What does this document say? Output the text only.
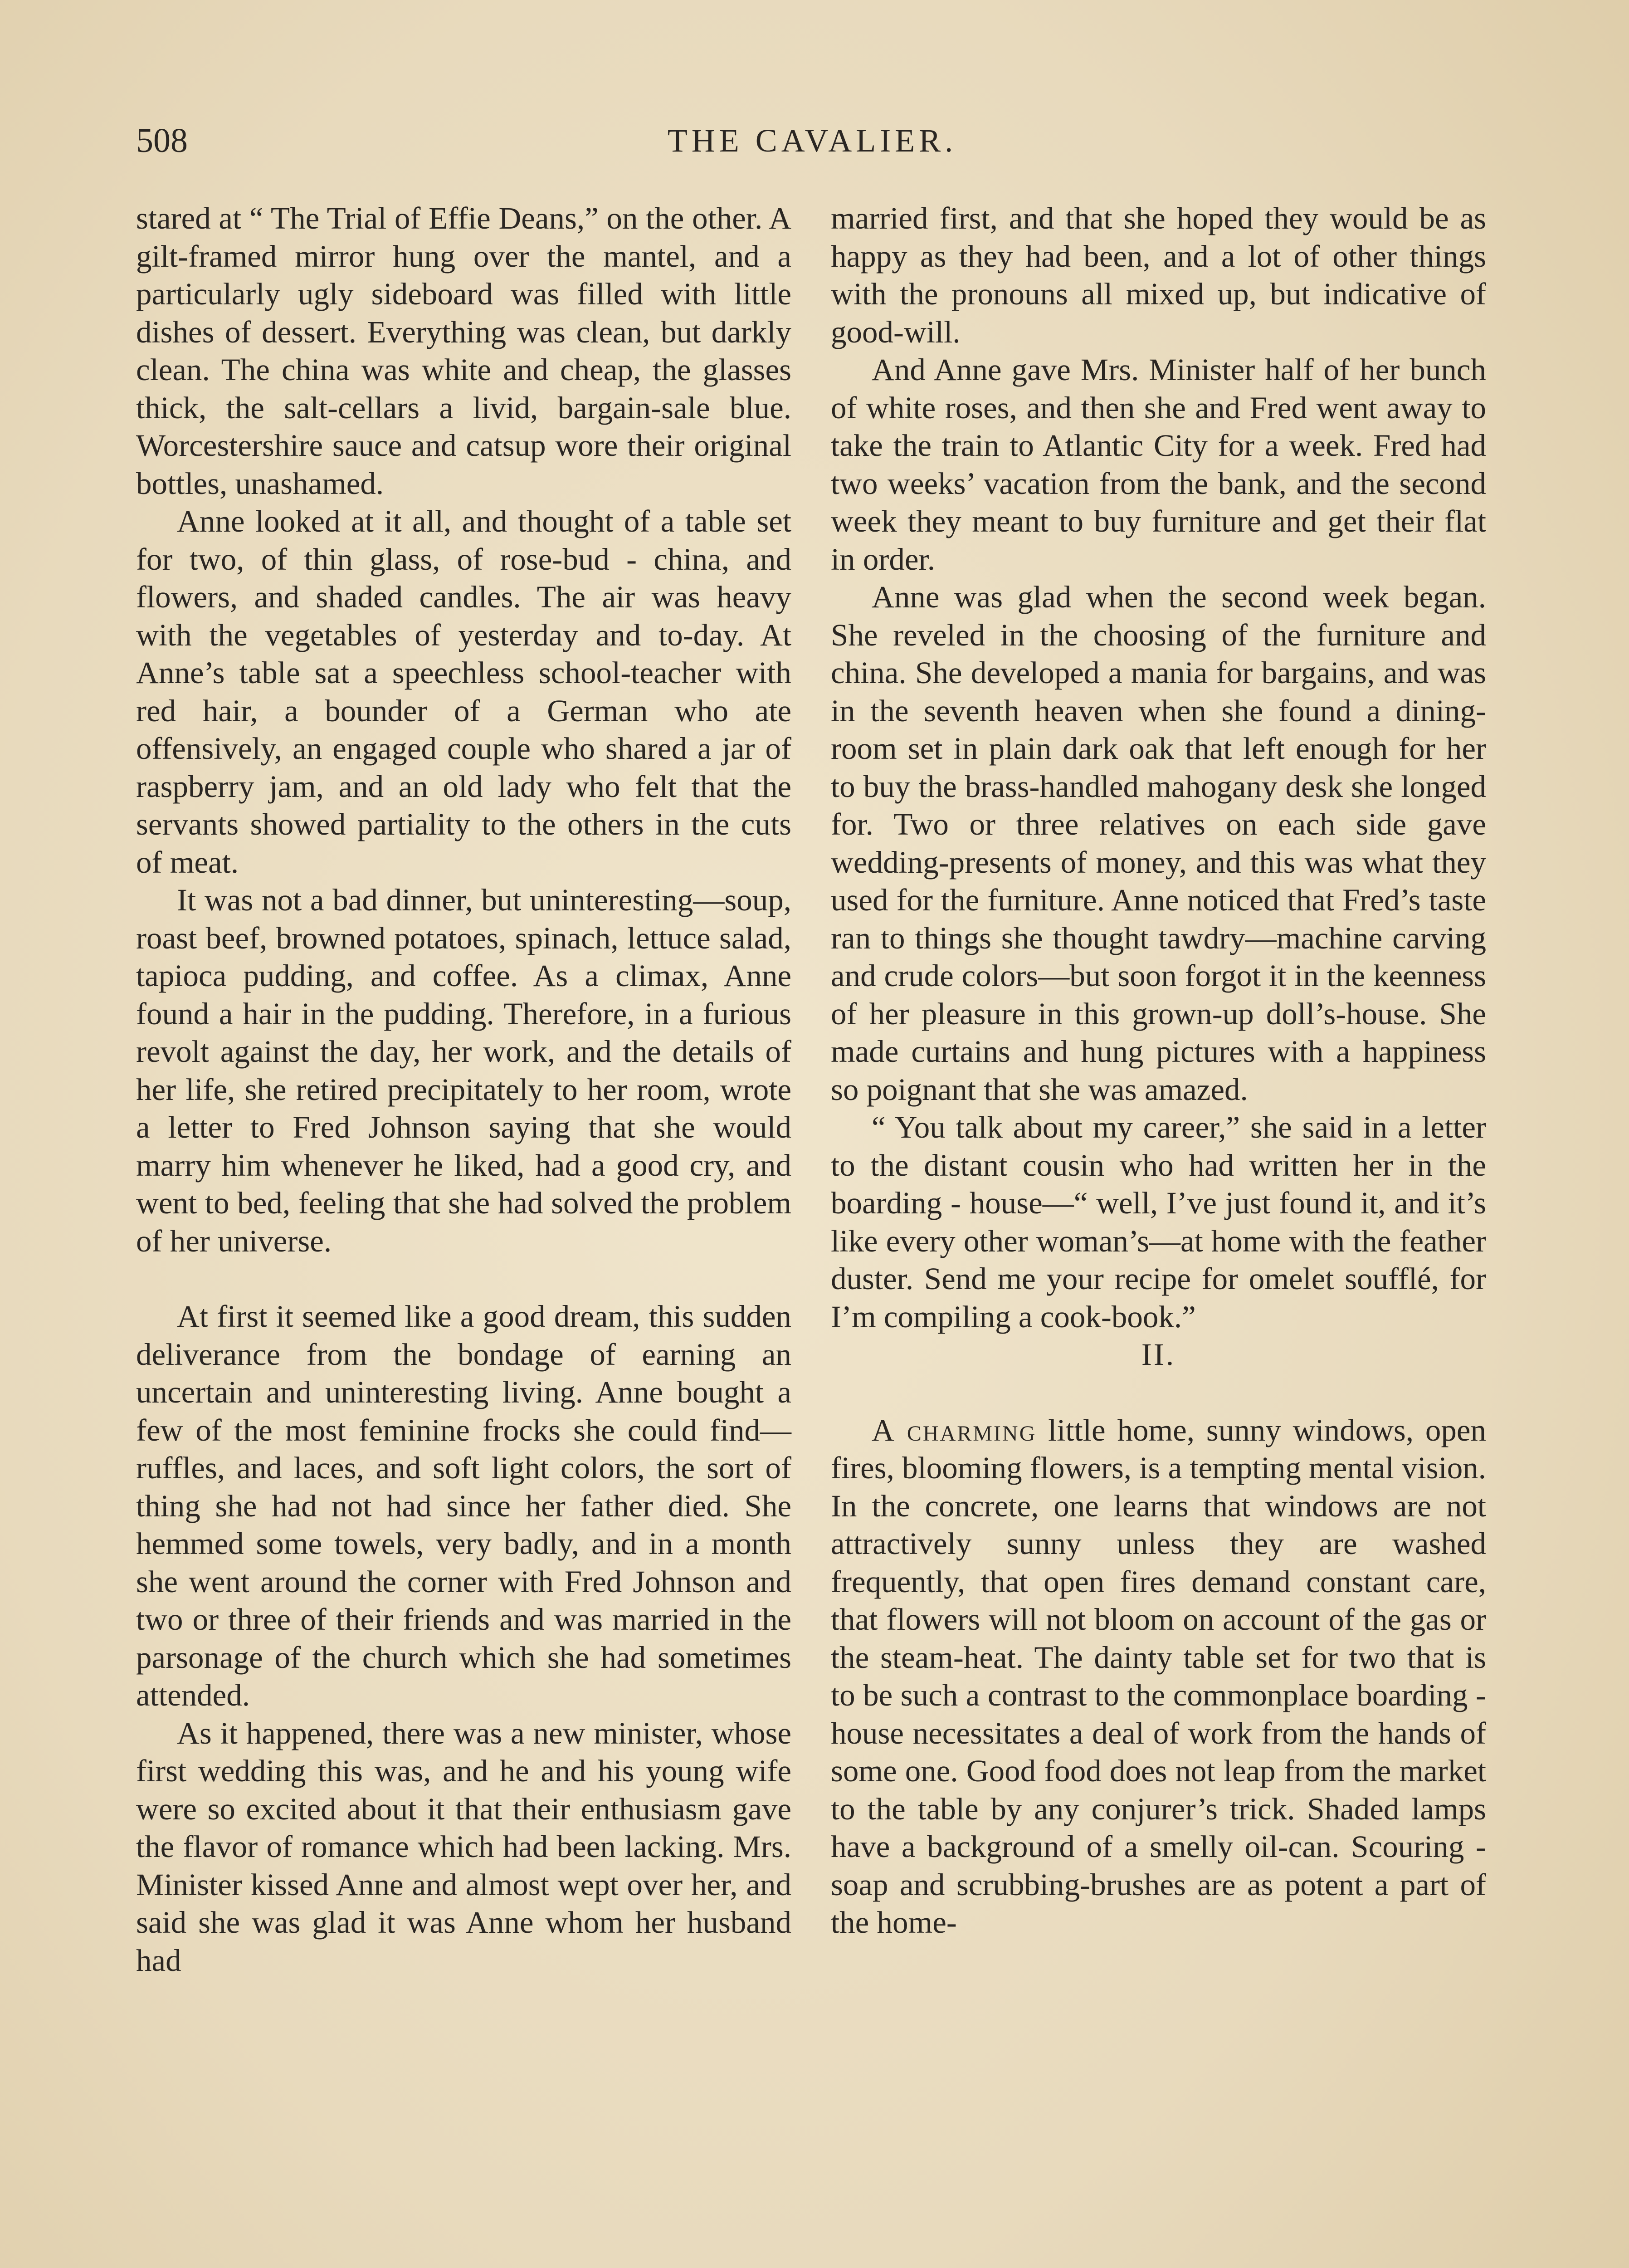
508	THE CAVALIER.

stared at “ The Trial of Effie Deans,” on the other. A gilt-framed mirror hung over the mantel, and a particularly ugly sideboard was filled with little dishes of dessert. Everything was clean, but darkly clean. The china was white and cheap, the glasses thick, the salt-cellars a livid, bargain-sale blue. Worcestershire sauce and catsup wore their original bottles, unashamed.

Anne looked at it all, and thought of a table set for two, of thin glass, of rose-bud - china, and flowers, and shaded candles. The air was heavy with the vegetables of yesterday and to-day. At Anne’s table sat a speechless school-teacher with red hair, a bounder of a German who ate offensively, an engaged couple who shared a jar of raspberry jam, and an old lady who felt that the servants showed partiality to the others in the cuts of meat.

It was not a bad dinner, but uninteresting—soup, roast beef, browned potatoes, spinach, lettuce salad, tapioca pudding, and coffee. As a climax, Anne found a hair in the pudding. Therefore, in a furious revolt against the day, her work, and the details of her life, she retired precipitately to her room, wrote a letter to Fred Johnson saying that she would marry him whenever he liked, had a good cry, and went to bed, feeling that she had solved the problem of her universe.

At first it seemed like a good dream, this sudden deliverance from the bondage of earning an uncertain and uninteresting living. Anne bought a few of the most feminine frocks she could find—ruffles, and laces, and soft light colors, the sort of thing she had not had since her father died. She hemmed some towels, very badly, and in a month she went around the corner with Fred Johnson and two or three of their friends and was married in the parsonage of the church which she had sometimes attended.

As it happened, there was a new minister, whose first wedding this was, and he and his young wife were so excited about it that their enthusiasm gave the flavor of romance which had been lacking. Mrs. Minister kissed Anne and almost wept over her, and said she was glad it was Anne whom her husband had

married first, and that she hoped they would be as happy as they had been, and a lot of other things with the pronouns all mixed up, but indicative of good-will.

And Anne gave Mrs. Minister half of her bunch of white roses, and then she and Fred went away to take the train to Atlantic City for a week. Fred had two weeks’ vacation from the bank, and the second week they meant to buy furniture and get their flat in order.

Anne was glad when the second week began. She reveled in the choosing of the furniture and china. She developed a mania for bargains, and was in the seventh heaven when she found a dining-room set in plain dark oak that left enough for her to buy the brass-handled mahogany desk she longed for. Two or three relatives on each side gave wedding-presents of money, and this was what they used for the furniture. Anne noticed that Fred’s taste ran to things she thought tawdry—machine carving and crude colors—but soon forgot it in the keenness of her pleasure in this grown-up doll’s-house. She made curtains and hung pictures with a happiness so poignant that she was amazed.

“ You talk about my career,” she said in a letter to the distant cousin who had written her in the boarding - house—“ well, I’ve just found it, and it’s like every other woman’s—at home with the feather duster. Send me your recipe for omelet soufflé, for I’m compiling a cook-book.”

II.

A charming little home, sunny windows, open fires, blooming flowers, is a tempting mental vision. In the concrete, one learns that windows are not attractively sunny unless they are washed frequently, that open fires demand constant care, that flowers will not bloom on account of the gas or the steam-heat. The dainty table set for two that is to be such a contrast to the commonplace boarding - house necessitates a deal of work from the hands of some one. Good food does not leap from the market to the table by any conjurer’s trick. Shaded lamps have a background of a smelly oil-can. Scouring - soap and scrubbing-brushes are as potent a part of the home-
